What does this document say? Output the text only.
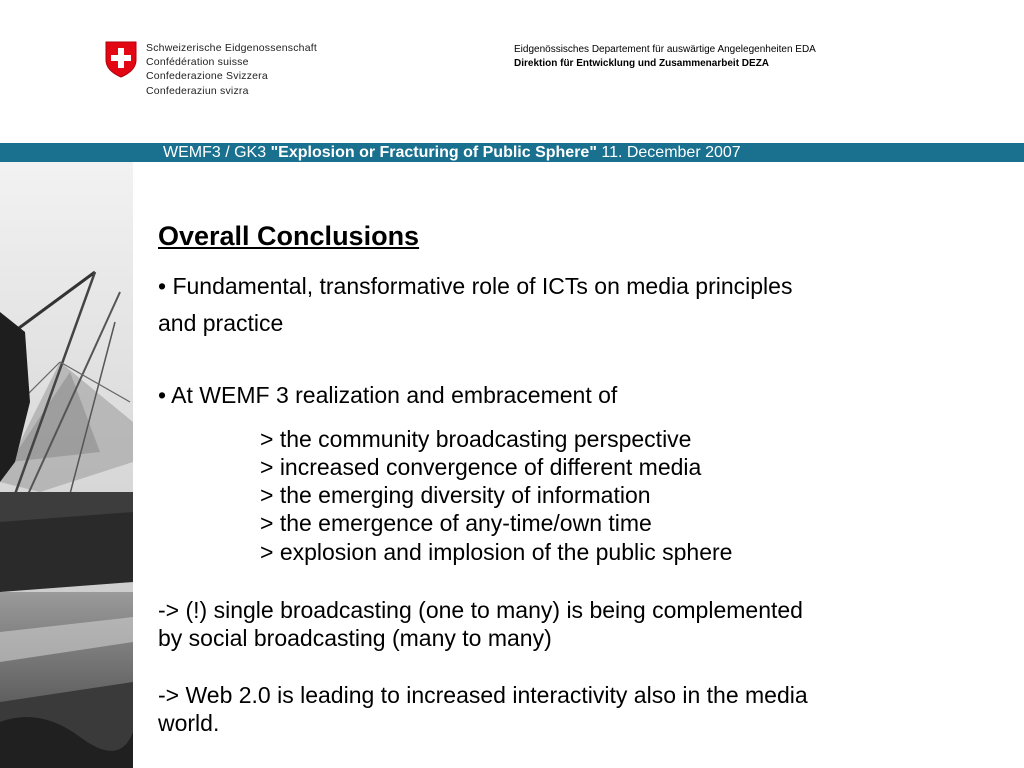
Schweizerische Eidgenossenschaft
Confédération suisse
Confederazione Svizzera
Confederaziun svizra
Eidgenössisches Departement für auswärtige Angelegenheiten EDA
Direktion für Entwicklung und Zusammenarbeit DEZA
WEMF3 / GK3 "Explosion or Fracturing of Public Sphere" 11. December 2007
Overall Conclusions
• Fundamental, transformative role of ICTs on media principles
and practice
• At WEMF 3 realization and embracement of
> the community broadcasting perspective
> increased convergence of different media
> the emerging diversity of information
> the emergence of any-time/own time
> explosion and implosion of the public sphere
-> (!) single broadcasting (one to many) is being complemented
by social broadcasting (many to many)
-> Web 2.0 is leading to increased interactivity also in the media
world.
